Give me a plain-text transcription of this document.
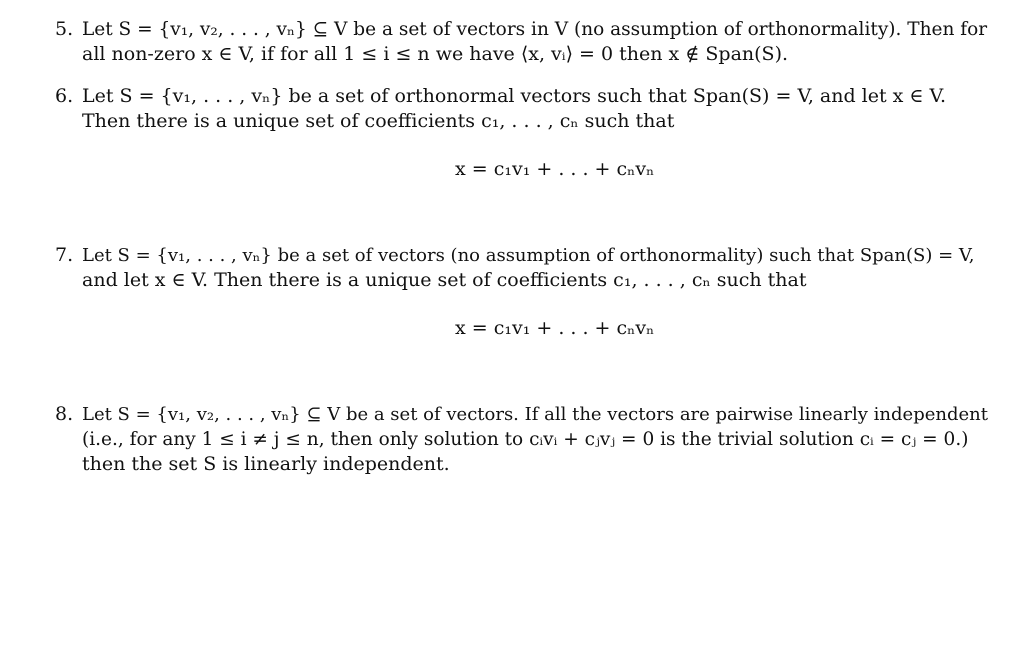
5. Let S = {v₁, v₂, . . . , vₙ} ⊆ V be a set of vectors in V (no assumption of orthonormality). Then for
all non-zero x ∈ V, if for all 1 ≤ i ≤ n we have ⟨x, vᵢ⟩ = 0 then x ∉ Span(S).
6. Let S = {v₁, . . . , vₙ} be a set of orthonormal vectors such that Span(S) = V, and let x ∈ V.
Then there is a unique set of coefficients c₁, . . . , cₙ such that
x = c₁v₁ + . . . + cₙvₙ
7. Let S = {v₁, . . . , vₙ} be a set of vectors (no assumption of orthonormality) such that Span(S) = V,
and let x ∈ V. Then there is a unique set of coefficients c₁, . . . , cₙ such that
x = c₁v₁ + . . . + cₙvₙ
8. Let S = {v₁, v₂, . . . , vₙ} ⊆ V be a set of vectors. If all the vectors are pairwise linearly independent
(i.e., for any 1 ≤ i ≠ j ≤ n, then only solution to cᵢvᵢ + cⱼvⱼ = 0 is the trivial solution cᵢ = cⱼ = 0.)
then the set S is linearly independent.
